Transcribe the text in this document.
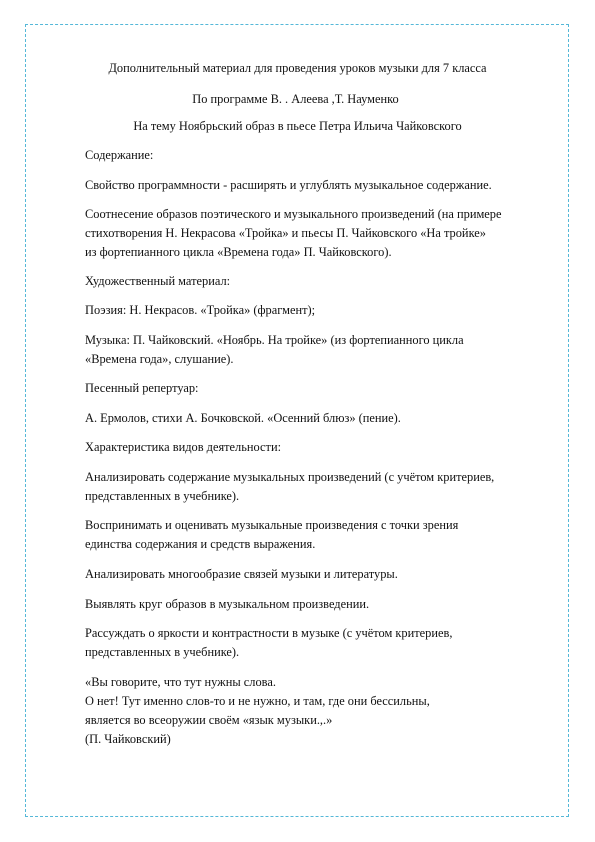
Дополнительный материал для проведения уроков музыки для 7 класса
По программе В. . Алеева ,Т. Науменко
На тему Ноябрьский образ в пьесе Петра Ильича Чайковского
Содержание:
Свойство программности - расширять и углублять музыкальное содержание.
Соотнесение образов поэтического и музыкального произведений (на примере
стихотворения Н. Некрасова «Тройка» и пьесы П. Чайковского «На тройке»
из фортепианного цикла «Времена года» П. Чайковского).
Художественный материал:
Поэзия: Н. Некрасов. «Тройка» (фрагмент);
Музыка: П. Чайковский. «Ноябрь. На тройке» (из фортепианного цикла
«Времена года», слушание).
Песенный репертуар:
А. Ермолов, стихи А. Бочковской. «Осенний блюз» (пение).
Характеристика видов деятельности:
Анализировать содержание музыкальных произведений (с учётом критериев,
представленных в учебнике).
Воспринимать и оценивать музыкальные произведения с точки зрения
единства содержания и средств выражения.
Анализировать многообразие связей музыки и литературы.
Выявлять круг образов в музыкальном произведении.
Рассуждать о яркости и контрастности в музыке (с учётом критериев,
представленных в учебнике).
«Вы говорите, что тут нужны слова.
О нет! Тут именно слов-то и не нужно, и там, где они бессильны,
является во всеоружии своём «язык музыки.,.»
(П. Чайковский)
